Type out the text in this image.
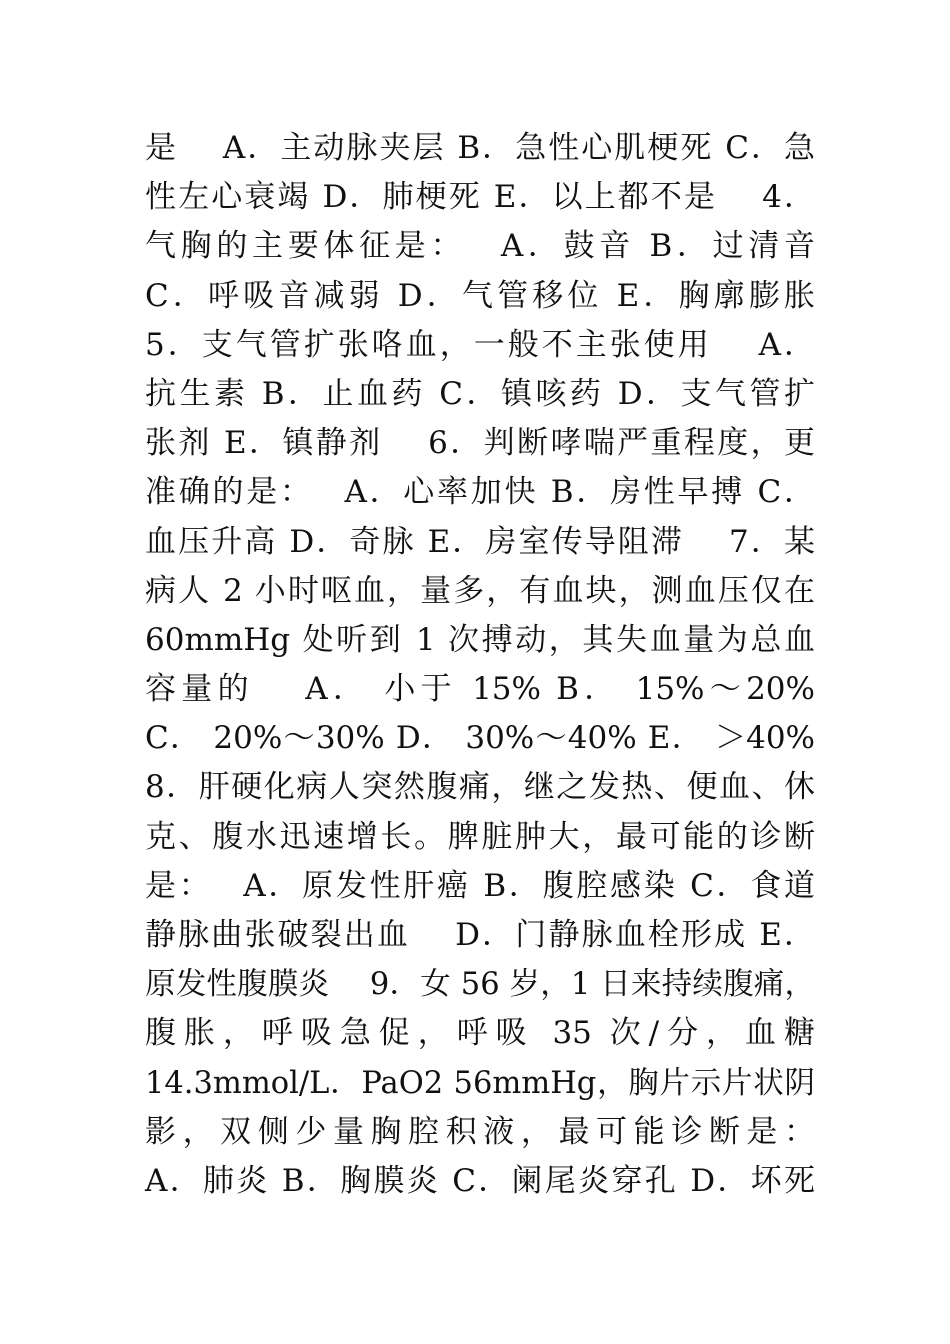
是　 A．主动脉夹层 B．急性心肌梗死 C．急
性左心衰竭 D．肺梗死 E．以上都不是　 4．
气胸的主要体征是：　 A．鼓音 B．过清音
C．呼吸音减弱 D．气管移位 E．胸廓膨胀
5．支气管扩张咯血，一般不主张使用　 A．
抗生素 B．止血药 C．镇咳药 D．支气管扩
张剂 E．镇静剂　 6．判断哮喘严重程度，更
准确的是：　 A．心率加快 B．房性早搏 C．
血压升高 D．奇脉 E．房室传导阻滞　 7．某
病人 2 小时呕血，量多，有血块，测血压仅在
60mmHg 处听到 1 次搏动，其失血量为总血
容量的　 A． 小于 15% B． 15%～20%
C． 20%～30% D． 30%～40% E． ＞40%
8．肝硬化病人突然腹痛，继之发热、便血、休
克、腹水迅速增长。脾脏肿大，最可能的诊断
是：　 A．原发性肝癌 B．腹腔感染 C．食道
静脉曲张破裂出血　 D．门静脉血栓形成 E．
原发性腹膜炎　 9．女 56 岁，1 日来持续腹痛，
腹胀，呼吸急促，呼吸 35 次/分，血糖
14.3mmol/L．PaO2 56mmHg，胸片示片状阴
影，双侧少量胸腔积液，最可能诊断是：
A．肺炎 B．胸膜炎 C．阑尾炎穿孔 D．坏死
